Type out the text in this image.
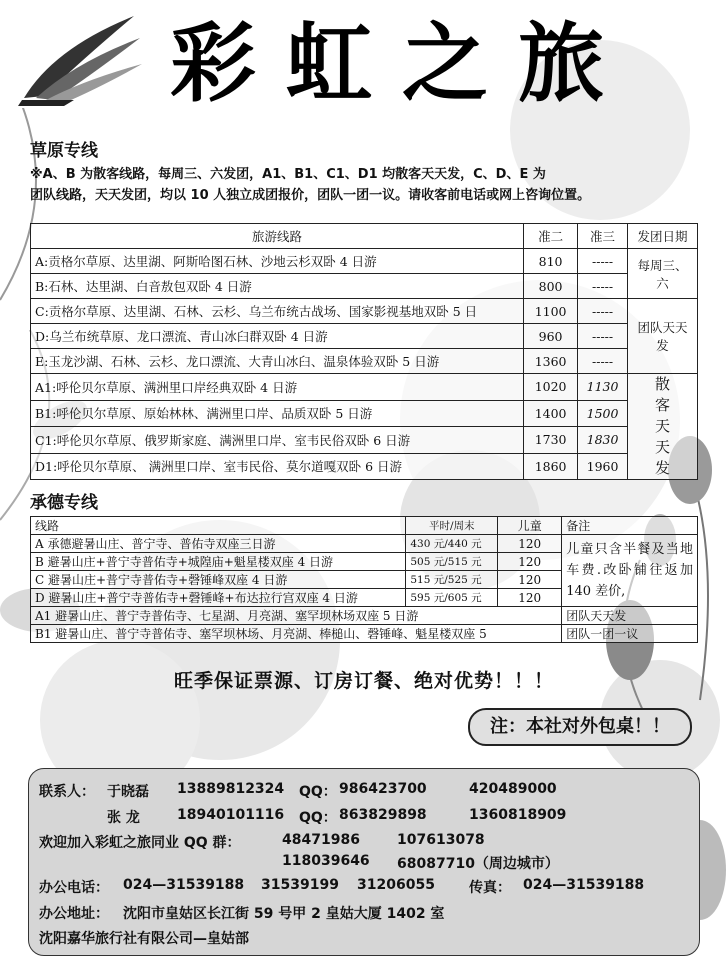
彩虹之旅
草原专线
※A、B 为散客线路，每周三、六发团，A1、B1、C1、D1 均散客天天发，C、D、E 为
团队线路，天天发团，均以 10 人独立成团报价，团队一团一议。请收客前电话或网上咨询位置。
旅游线路	准二	准三	发团日期
A:贡格尔草原、达里湖、阿斯哈图石林、沙地云杉双卧 4 日游	810	-----	每周三、六
B:石林、达里湖、白音敖包双卧 4 日游	800	-----	
C:贡格尔草原、达里湖、石林、云杉、乌兰布统古战场、国家影视基地双卧 5 日	1100	-----	团队天天
发

D:乌兰布统草原、龙口漂流、青山冰臼群双卧 4 日游	960	-----	
E:玉龙沙湖、石林、云杉、龙口漂流、大青山冰臼、温泉体验双卧 5 日游	1360	-----	
A1:呼伦贝尔草原、满洲里口岸经典双卧 4 日游	1020	1130	散
客
天
天
发

B1:呼伦贝尔草原、原始林林、满洲里口岸、品质双卧 5 日游	1400	1500	
C1:呼伦贝尔草原、俄罗斯家庭、满洲里口岸、室韦民俗双卧 6 日游	1730	1830	
D1:呼伦贝尔草原、 满洲里口岸、室韦民俗、莫尔道嘎双卧 6 日游	1860	1960	
承德专线
线路	平时/周末	儿童	备注
A 承德避暑山庄、普宁寺、普佑寺双座三日游	430 元/440 元	120	儿童只含半餐及当地车费.改卧铺往返加 140 差价,
B 避暑山庄+普宁寺普佑寺+城隍庙+魁星楼双座 4 日游	505 元/515 元	120	
C 避暑山庄+普宁寺普佑寺+磬锤峰双座 4 日游	515 元/525 元	120	
D 避暑山庄+普宁寺普佑寺+磬锤峰+布达拉行宫双座 4 日游	595 元/605 元	120	
A1 避暑山庄、普宁寺普佑寺、七星湖、月亮湖、塞罕坝林场双座 5 日游			团队天天发
B1 避暑山庄、普宁寺普佑寺、塞罕坝林场、月亮湖、棒槌山、磬锤峰、魁星楼双座 5			团队一团一议
旺季保证票源、订房订餐、绝对优势！！！
注：本社对外包桌！！
联系人： 于晓磊 13889812324 QQ： 986423700	420489000
张 龙	18940101116 QQ： 863829898	1360818909
欢迎加入彩虹之旅同业 QQ 群：	48471986	107613078
118039646 68087710（周边城市）
办公电话： 024—31539188 31539199 31206055 传真： 024—31539188
办公地址： 沈阳市皇姑区长江街 59 号甲 2 皇姑大厦 1402 室
沈阳嘉华旅行社有限公司—皇姑部
